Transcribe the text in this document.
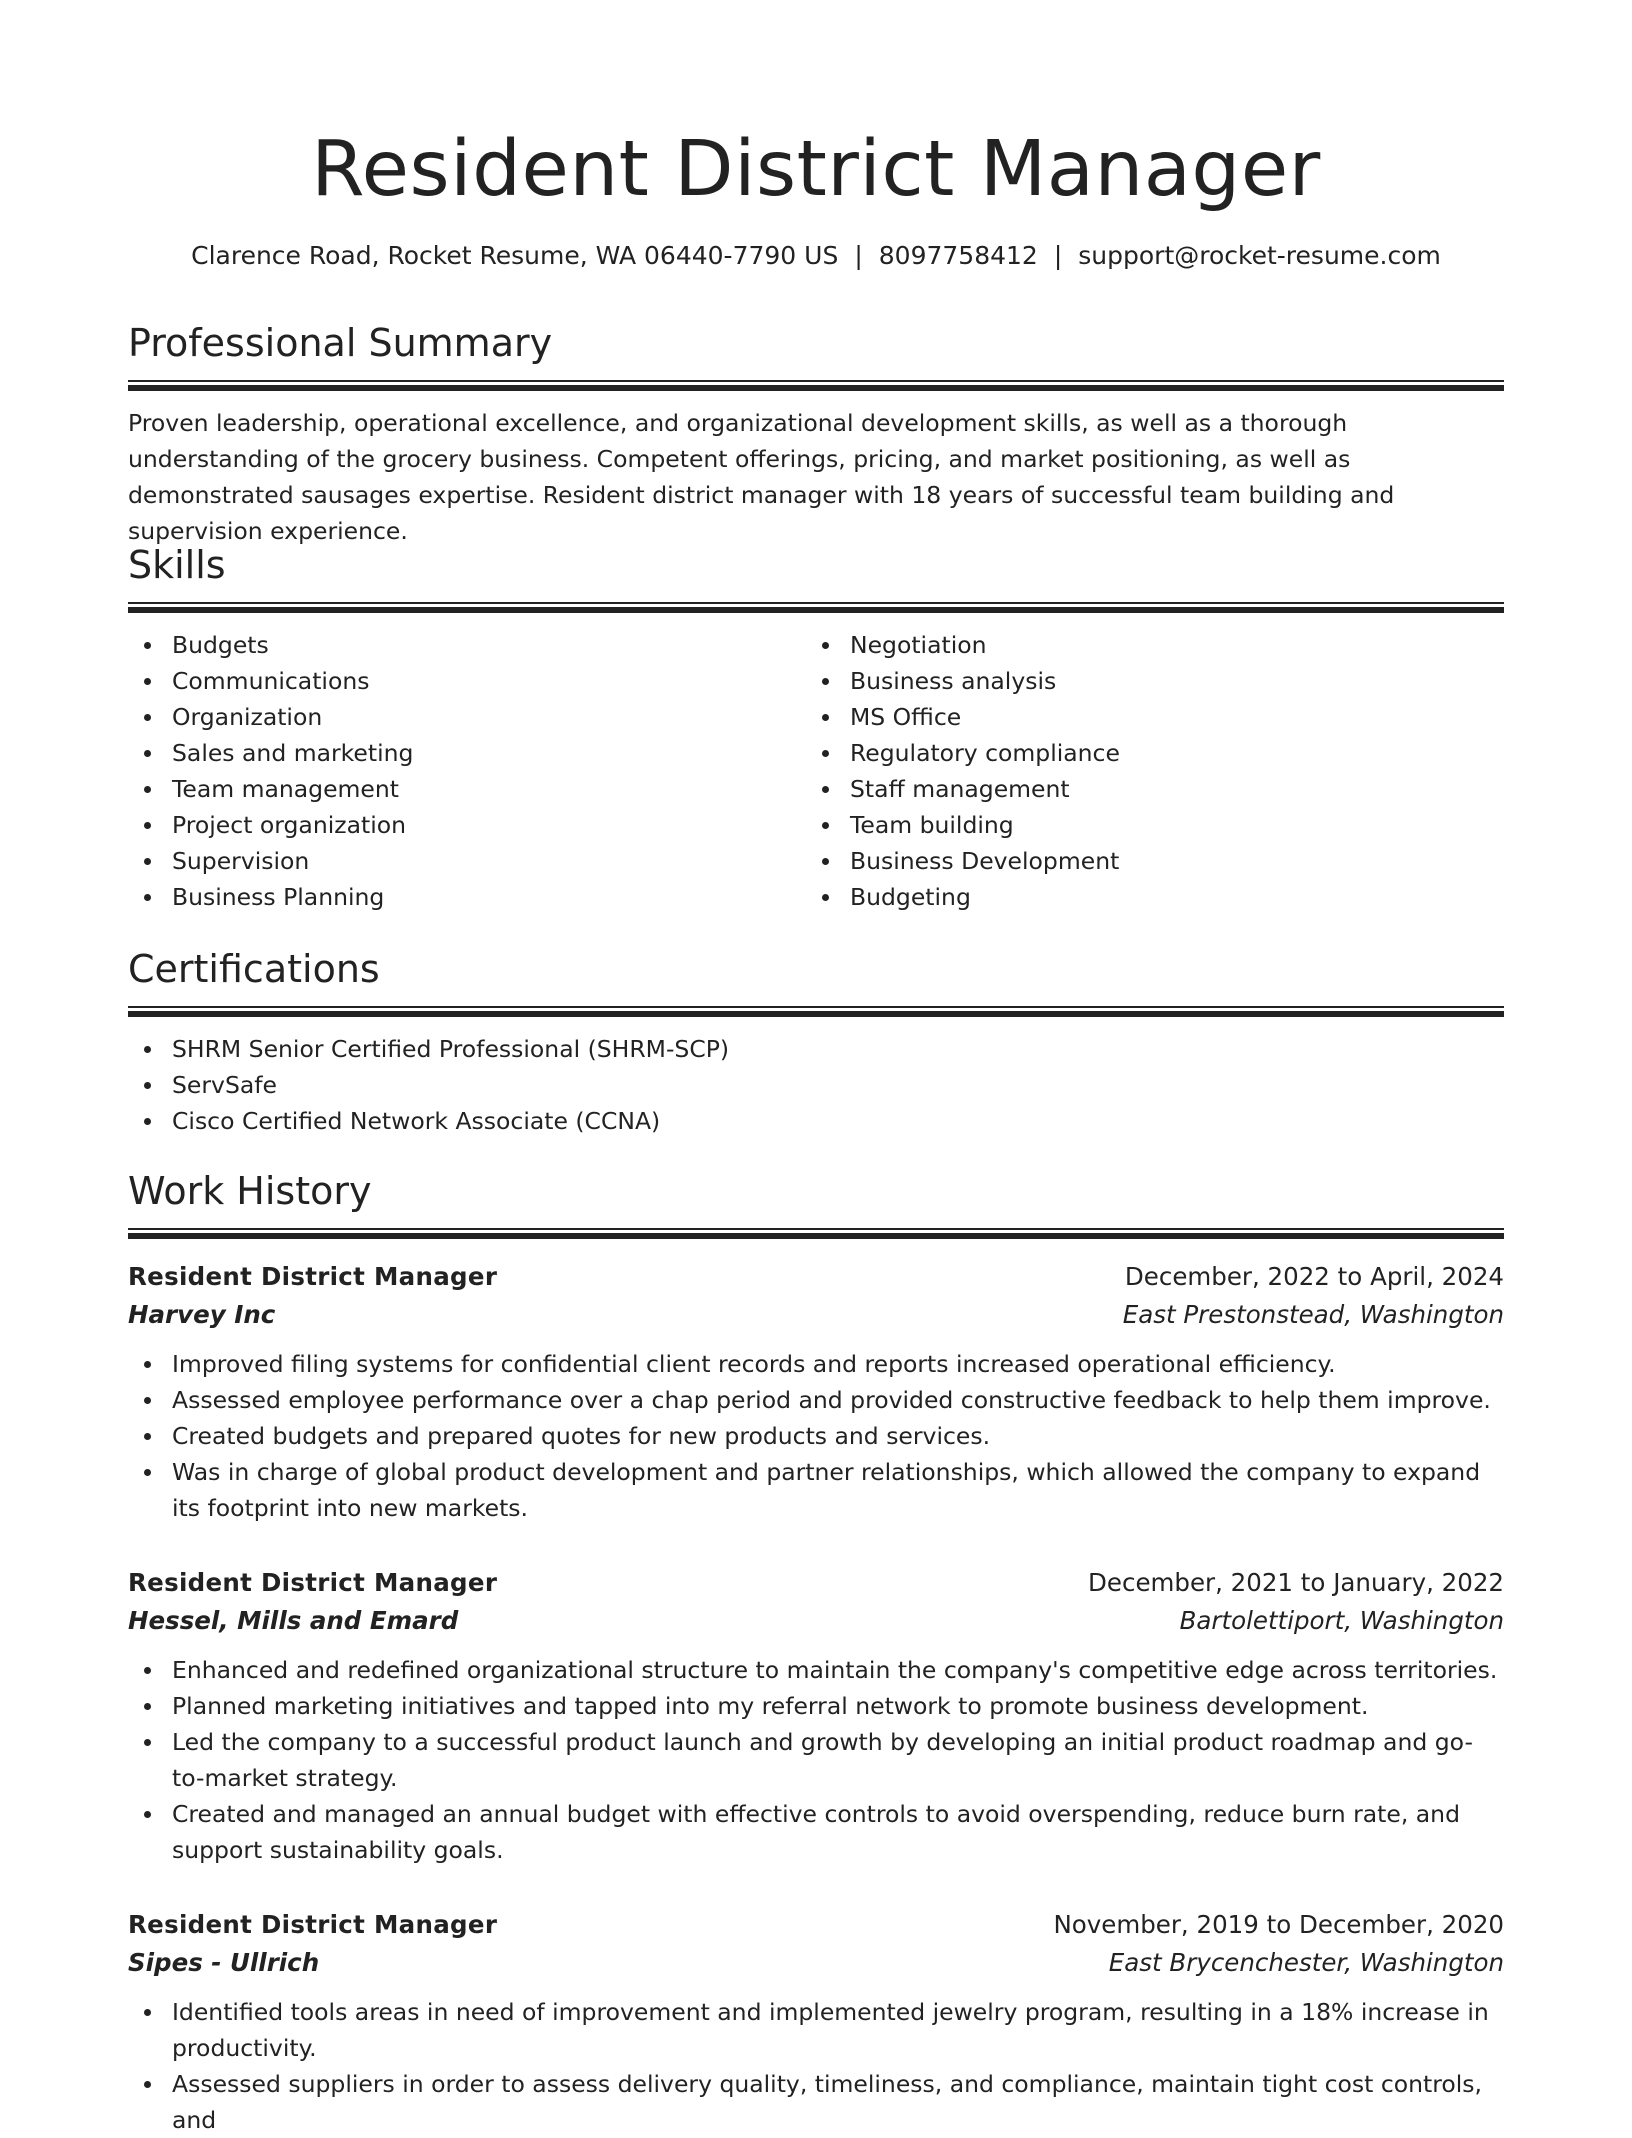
Resident District Manager
Clarence Road, Rocket Resume, WA 06440-7790 US | 8097758412 | support@rocket-resume.com
Professional Summary

Proven leadership, operational excellence, and organizational development skills, as well as a thorough understanding of the grocery business. Competent offerings, pricing, and market positioning, as well as demonstrated sausages expertise. Resident district manager with 18 years of successful team building and supervision experience.

Skills
Budgets
Communications
Organization
Sales and marketing
Team management
Project organization
Supervision
Business Planning
Negotiation
Business analysis
MS Office
Regulatory compliance
Staff management
Team building
Business Development
Budgeting
Certifications
SHRM Senior Certified Professional (SHRM-SCP)
ServSafe
Cisco Certified Network Associate (CCNA)
Work History
Resident District Manager	December, 2022 to April, 2024
Harvey Inc	East Prestonstead, Washington
Improved filing systems for confidential client records and reports increased operational efficiency.
Assessed employee performance over a chap period and provided constructive feedback to help them improve.
Created budgets and prepared quotes for new products and services.
Was in charge of global product development and partner relationships, which allowed the company to expand its footprint into new markets.
Resident District Manager	December, 2021 to January, 2022
Hessel, Mills and Emard	Bartolettiport, Washington
Enhanced and redefined organizational structure to maintain the company's competitive edge across territories.
Planned marketing initiatives and tapped into my referral network to promote business development.
Led the company to a successful product launch and growth by developing an initial product roadmap and go-to-market strategy.
Created and managed an annual budget with effective controls to avoid overspending, reduce burn rate, and support sustainability goals.
Resident District Manager	November, 2019 to December, 2020
Sipes - Ullrich	East Brycenchester, Washington
Identified tools areas in need of improvement and implemented jewelry program, resulting in a 18% increase in productivity.
Assessed suppliers in order to assess delivery quality, timeliness, and compliance, maintain tight cost controls, and
